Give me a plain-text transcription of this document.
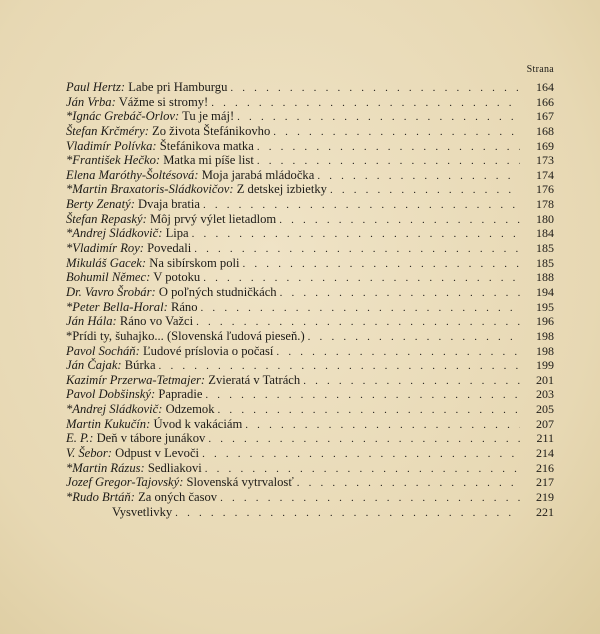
Strana
Paul Hertz: Labe pri Hamburgu . . .	164
Ján Vrba: Vážme si stromy! . . .	166
*Ignác Grebáč-Orlov: Tu je máj! . . .	167
Štefan Krčméry: Zo života Štefánikovho . . .	168
Vladimír Polívka: Štefánikova matka . . .	169
*František Hečko: Matka mi píše list . . .	173
Elena Maróthy-Šoltésová: Moja jarabá mládočka . . .	174
*Martin Braxatoris-Sládkovičov: Z detskej izbietky . . .	176
Berty Zenatý: Dvaja bratia . . .	178
Štefan Repaský: Môj prvý výlet lietadlom . . .	180
*Andrej Sládkovič: Lipa . . .	184
*Vladimír Roy: Povedali . . .	185
Mikuláš Gacek: Na sibírskom poli . . .	185
Bohumil Němec: V potoku . . .	188
Dr. Vavro Šrobár: O poľných studničkách . . .	194
*Peter Bella-Horal: Ráno . . .	195
Ján Hála: Ráno vo Važci . . .	196
*Prídi ty, šuhajko... (Slovenská ľudová pieseň.) . . .	198
Pavol Socháň: Ľudové príslovia o počasí . . .	198
Ján Čajak: Búrka . . .	199
Kazimír Przerwa-Tetmajer: Zvieratá v Tatrách . . .	201
Pavol Dobšinský: Papradie . . .	203
*Andrej Sládkovič: Odzemok . . .	205
Martin Kukučín: Úvod k vakáciám . . .	207
E. P.: Deň v tábore junákov . . .	211
V. Šebor: Odpust v Levoči . . .	214
*Martin Rázus: Sedliakovi . . .	216
Jozef Gregor-Tajovský: Slovenská vytrvalosť . . .	217
*Rudo Brtáň: Za oných časov . . .	219
Vysvetlivky . . .	221
